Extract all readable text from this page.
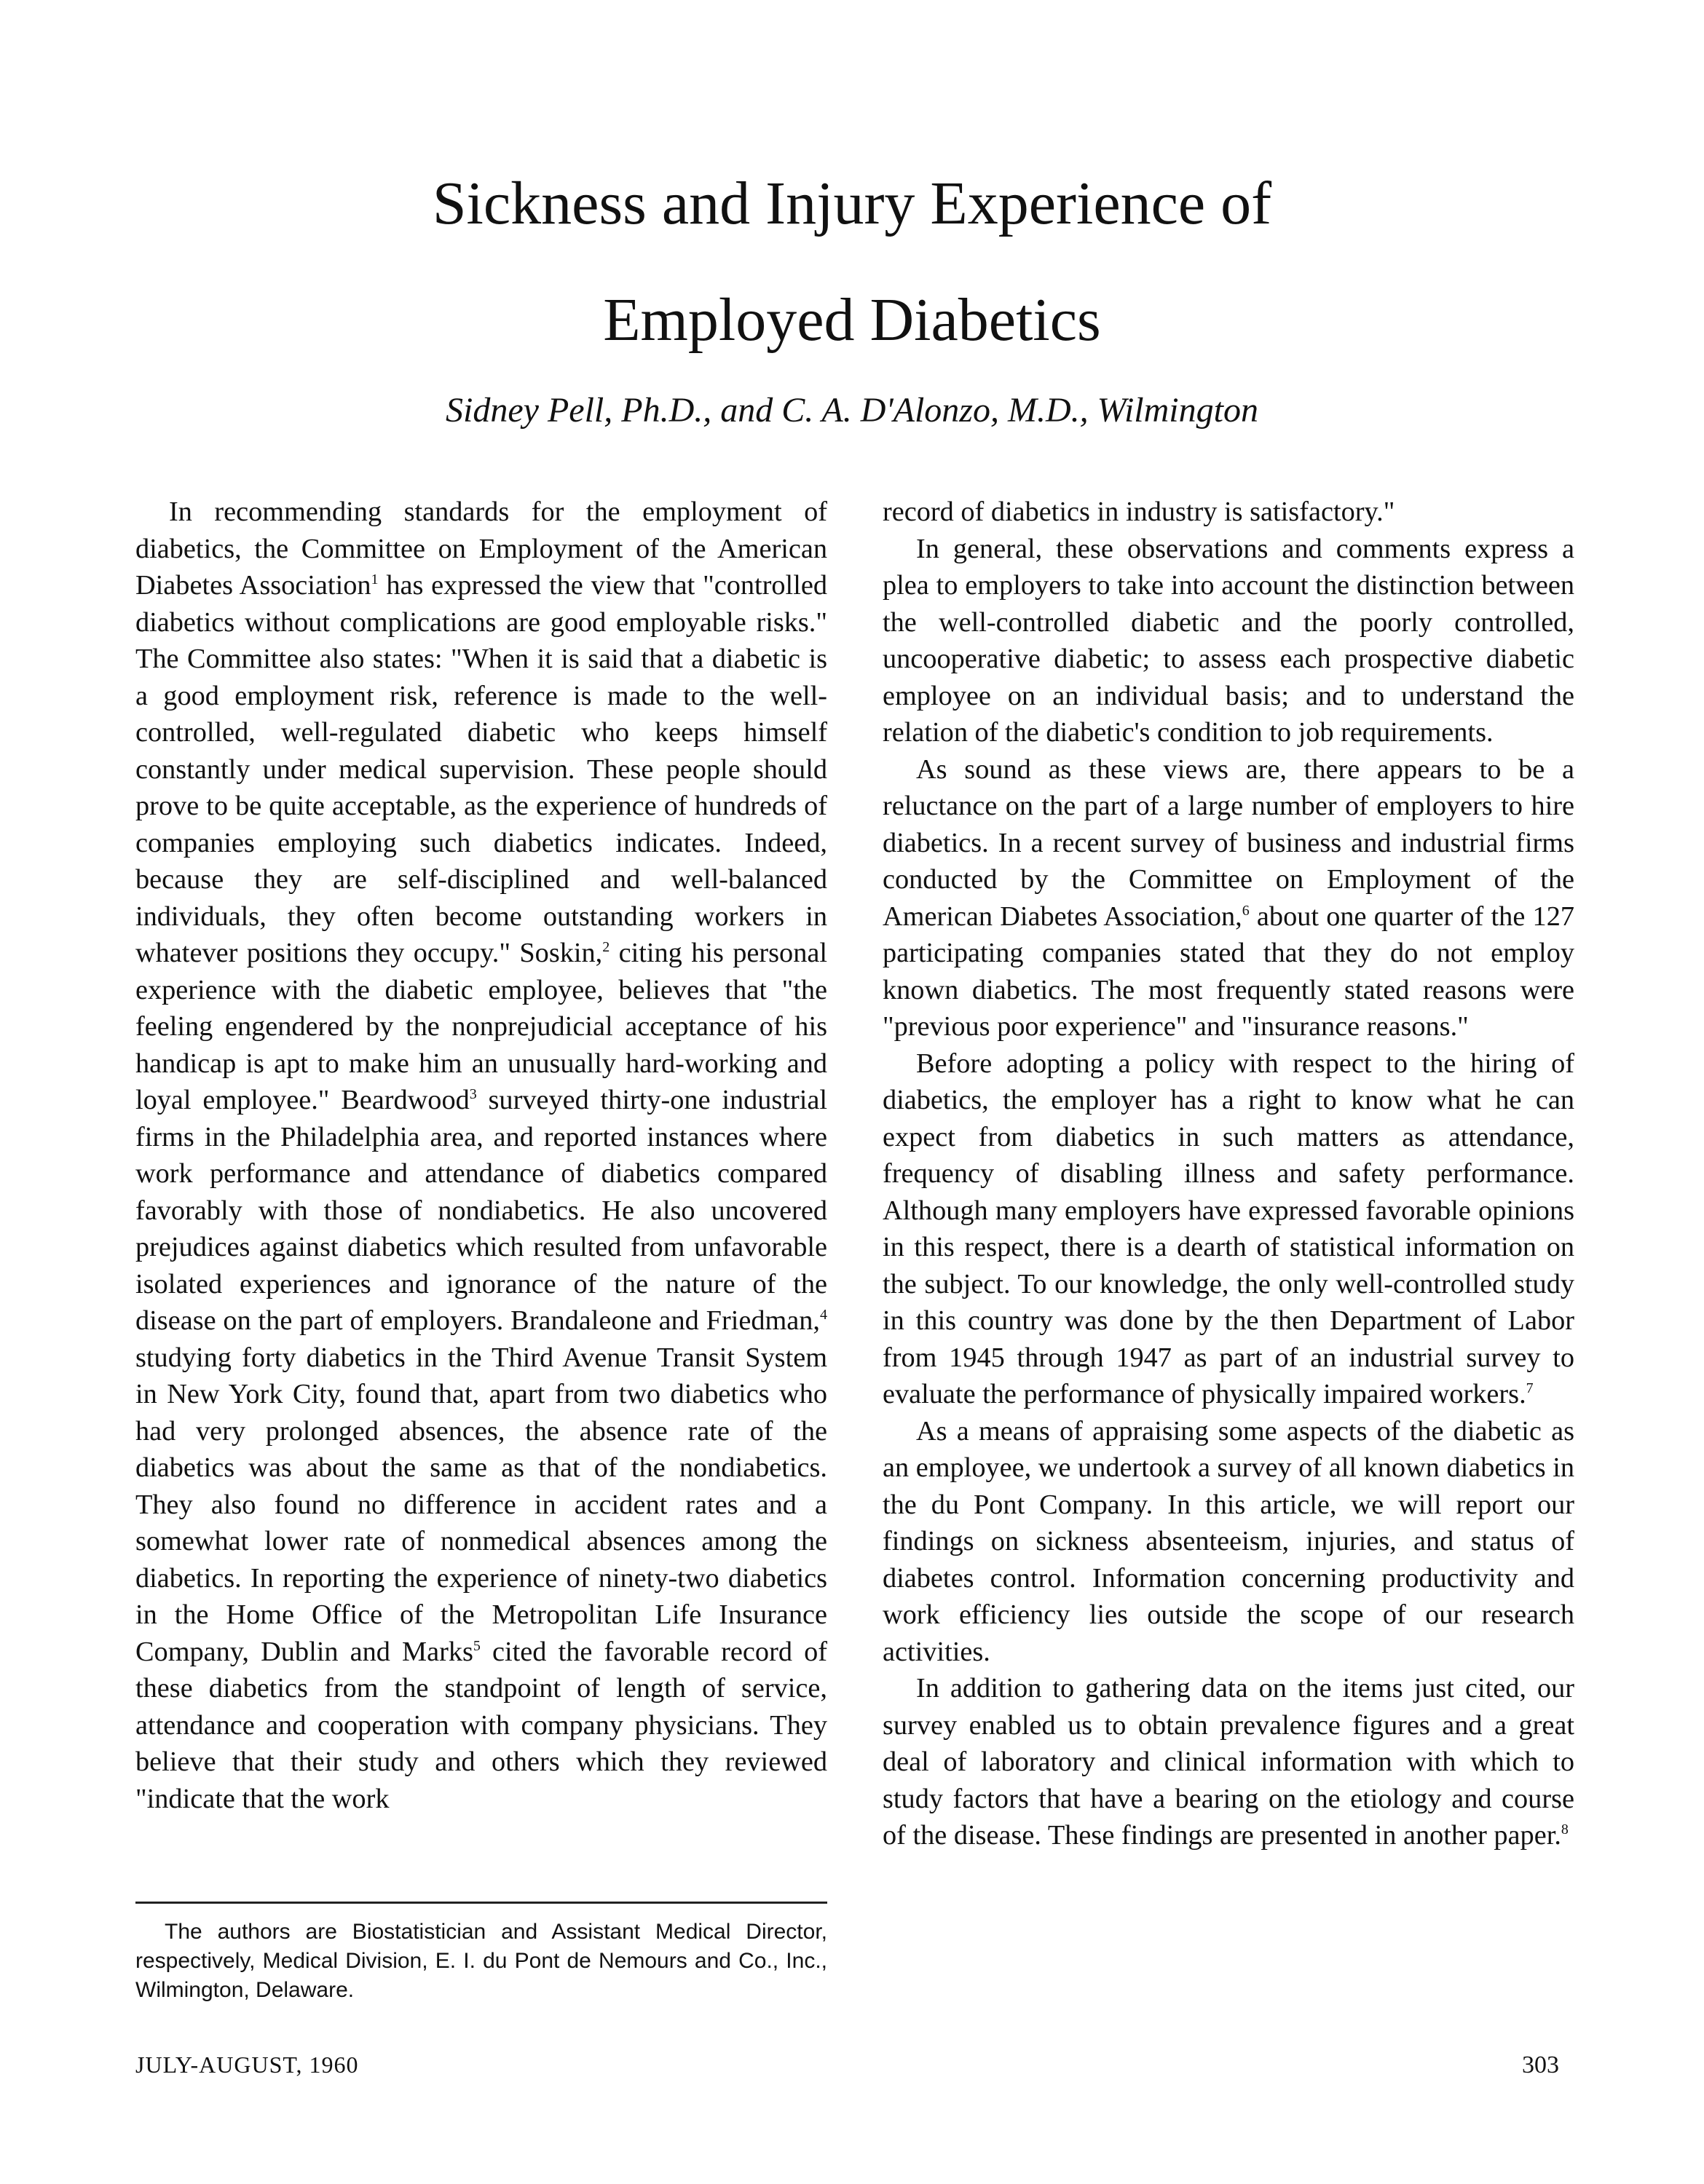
Sickness and Injury Experience of
Employed Diabetics

Sidney Pell, Ph.D., and C. A. D'Alonzo, M.D., Wilmington

In recommending standards for the employment of diabetics, the Committee on Employment of the American Diabetes Association$^1$ has expressed the view that "controlled diabetics without complications are good employable risks." The Committee also states: "When it is said that a diabetic is a good employment risk, reference is made to the well-controlled, well-regulated diabetic who keeps himself constantly under medical supervision. These people should prove to be quite acceptable, as the experience of hundreds of companies employing such diabetics indicates. Indeed, because they are self-disciplined and well-balanced individuals, they often become outstanding workers in whatever positions they occupy." Soskin,$^2$ citing his personal experience with the diabetic employee, believes that "the feeling engendered by the nonprejudicial acceptance of his handicap is apt to make him an unusually hard-working and loyal employee." Beardwood$^3$ surveyed thirty-one industrial firms in the Philadelphia area, and reported instances where work performance and attendance of diabetics compared favorably with those of nondiabetics. He also uncovered prejudices against diabetics which resulted from unfavorable isolated experiences and ignorance of the nature of the disease on the part of employers. Brandaleone and Friedman,$^4$ studying forty diabetics in the Third Avenue Transit System in New York City, found that, apart from two diabetics who had very prolonged absences, the absence rate of the diabetics was about the same as that of the nondiabetics. They also found no difference in accident rates and a somewhat lower rate of nonmedical absences among the diabetics. In reporting the experience of ninety-two diabetics in the Home Office of the Metropolitan Life Insurance Company, Dublin and Marks$^5$ cited the favorable record of these diabetics from the standpoint of length of service, attendance and cooperation with company physicians. They believe that their study and others which they reviewed "indicate that the work

record of diabetics in industry is satisfactory."

In general, these observations and comments express a plea to employers to take into account the distinction between the well-controlled diabetic and the poorly controlled, uncooperative diabetic; to assess each prospective diabetic employee on an individual basis; and to understand the relation of the diabetic's condition to job requirements.

As sound as these views are, there appears to be a reluctance on the part of a large number of employers to hire diabetics. In a recent survey of business and industrial firms conducted by the Committee on Employment of the American Diabetes Association,$^6$ about one quarter of the 127 participating companies stated that they do not employ known diabetics. The most frequently stated reasons were "previous poor experience" and "insurance reasons."

Before adopting a policy with respect to the hiring of diabetics, the employer has a right to know what he can expect from diabetics in such matters as attendance, frequency of disabling illness and safety performance. Although many employers have expressed favorable opinions in this respect, there is a dearth of statistical information on the subject. To our knowledge, the only well-controlled study in this country was done by the then Department of Labor from 1945 through 1947 as part of an industrial survey to evaluate the performance of physically impaired workers.$^7$

As a means of appraising some aspects of the diabetic as an employee, we undertook a survey of all known diabetics in the du Pont Company. In this article, we will report our findings on sickness absenteeism, injuries, and status of diabetes control. Information concerning productivity and work efficiency lies outside the scope of our research activities.

In addition to gathering data on the items just cited, our survey enabled us to obtain prevalence figures and a great deal of laboratory and clinical information with which to study factors that have a bearing on the etiology and course of the disease. These findings are presented in another paper.$^8$

The authors are Biostatistician and Assistant Medical Director, respectively, Medical Division, E. I. du Pont de Nemours and Co., Inc., Wilmington, Delaware.

JULY-AUGUST, 1960	303
